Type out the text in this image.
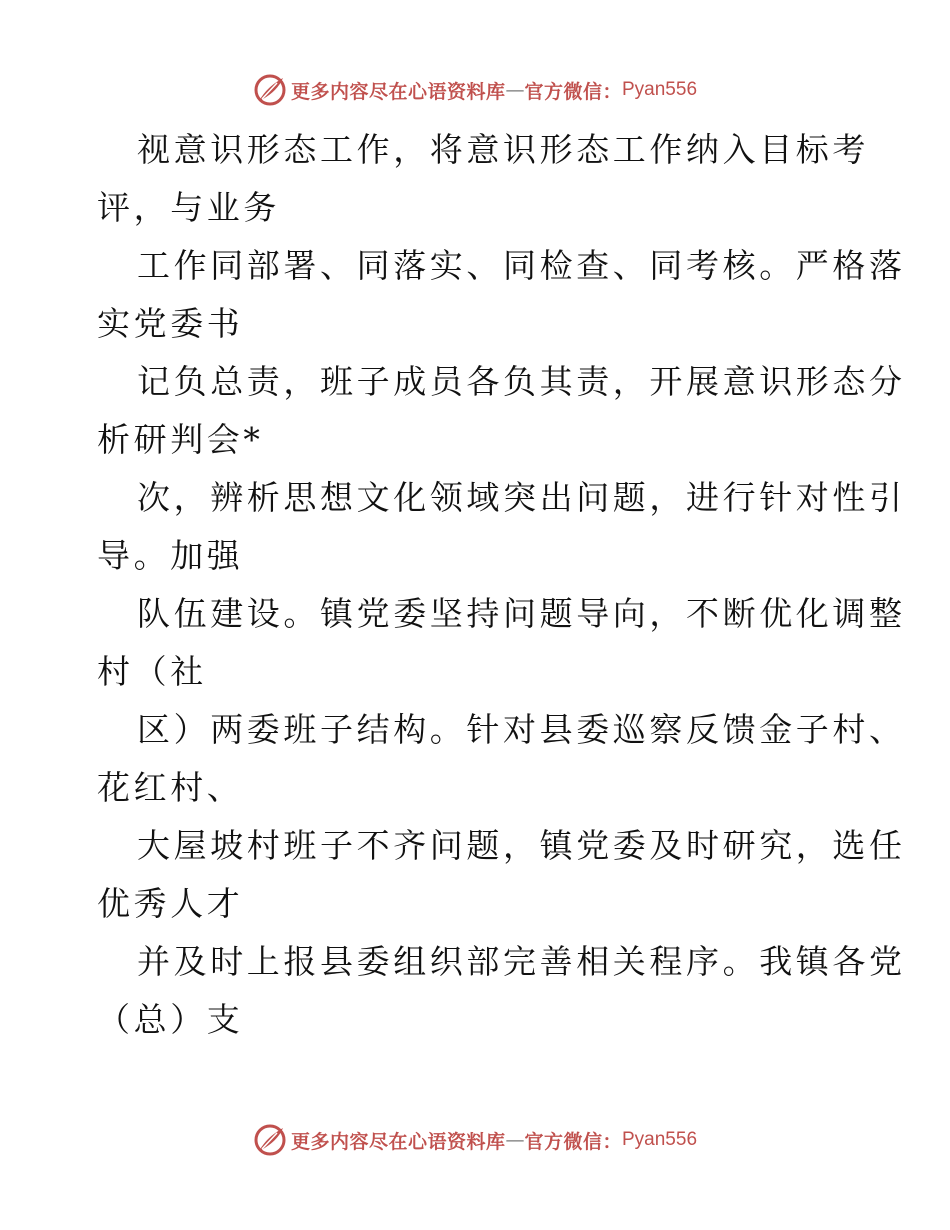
更多内容尽在心语资料库 — 官方微信： Pyan556
视意识形态工作，将意识形态工作纳入目标考
评，与业务
工作同部署、同落实、同检查、同考核。严格落
实党委书
记负总责，班子成员各负其责，开展意识形态分
析研判会*
次，辨析思想文化领域突出问题，进行针对性引
导。加强
队伍建设。镇党委坚持问题导向，不断优化调整
村（社
区）两委班子结构。针对县委巡察反馈金子村、
花红村、
大屋坡村班子不齐问题，镇党委及时研究，选任
优秀人才
并及时上报县委组织部完善相关程序。我镇各党
（总）支
更多内容尽在心语资料库 — 官方微信： Pyan556
